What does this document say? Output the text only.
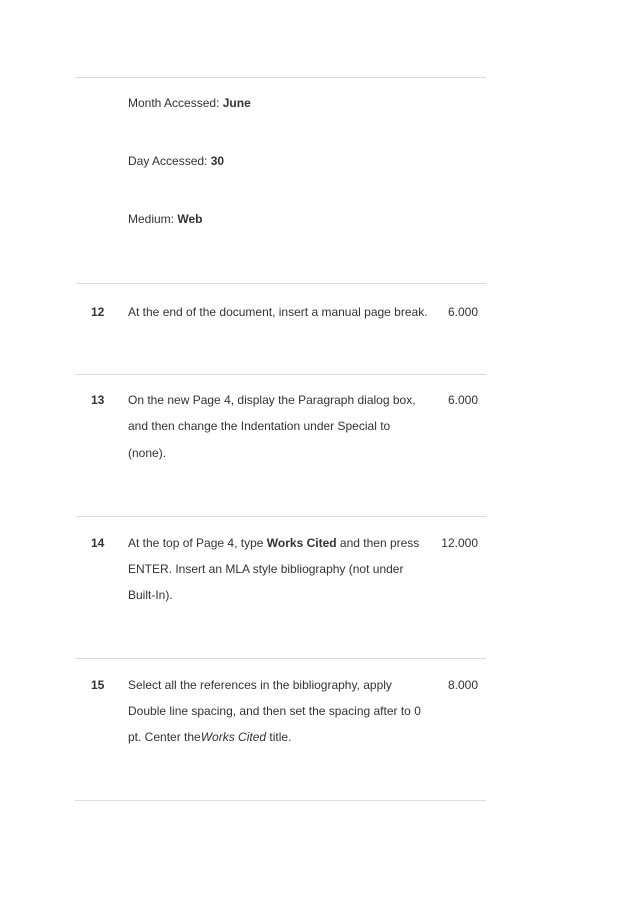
Month Accessed: June
Day Accessed: 30
Medium: Web
12 At the end of the document, insert a manual page break.	6.000
13 On the new Page 4, display the Paragraph dialog box,
and then change the Indentation under Special to
(none).
6.000
14 At the top of Page 4, type Works Cited and then press
ENTER. Insert an MLA style bibliography (not under
Built-In).
12.000
15 Select all the references in the bibliography, apply
Double line spacing, and then set the spacing after to 0
pt. Center theWorks Cited title.
8.000
